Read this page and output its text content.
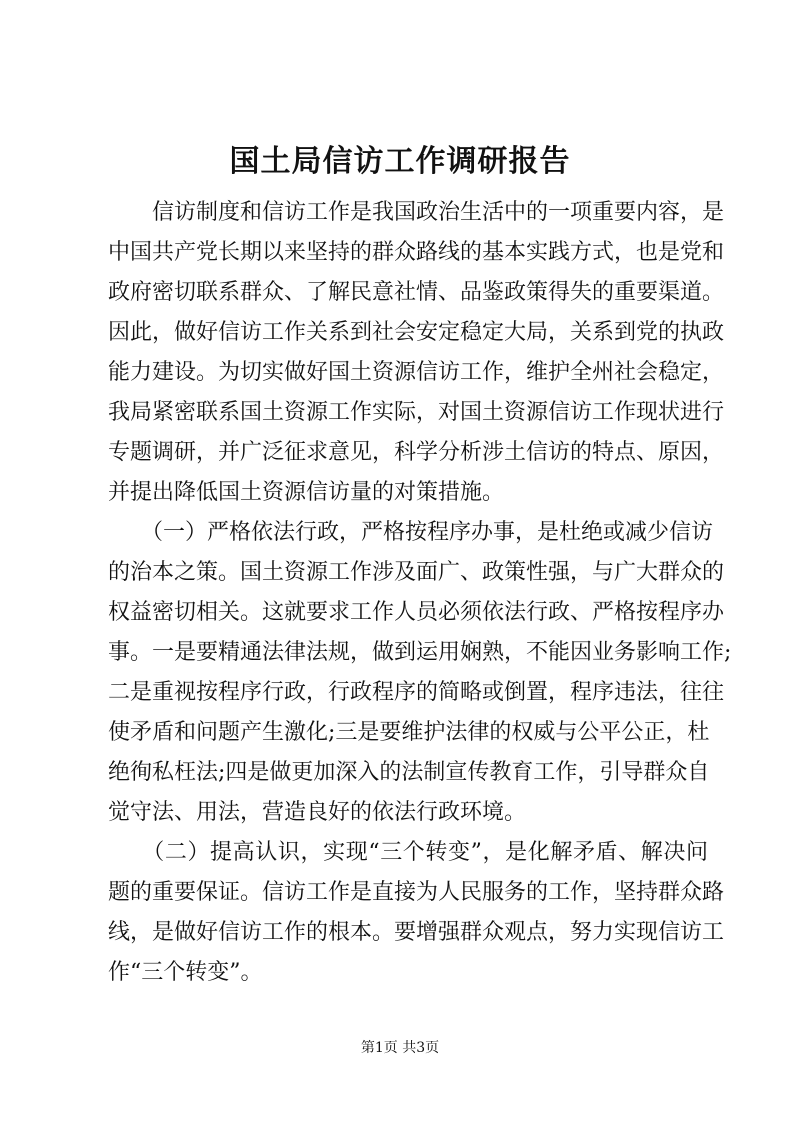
国土局信访工作调研报告
　　信访制度和信访工作是我国政治生活中的一项重要内容，是
中国共产党长期以来坚持的群众路线的基本实践方式，也是党和
政府密切联系群众、了解民意社情、品鉴政策得失的重要渠道。
因此，做好信访工作关系到社会安定稳定大局，关系到党的执政
能力建设。为切实做好国土资源信访工作，维护全州社会稳定，
我局紧密联系国土资源工作实际，对国土资源信访工作现状进行
专题调研，并广泛征求意见，科学分析涉土信访的特点、原因，
并提出降低国土资源信访量的对策措施。
　　（一）严格依法行政，严格按程序办事，是杜绝或减少信访
的治本之策。国土资源工作涉及面广、政策性强，与广大群众的
权益密切相关。这就要求工作人员必须依法行政、严格按程序办
事。一是要精通法律法规，做到运用娴熟，不能因业务影响工作;
二是重视按程序行政，行政程序的简略或倒置，程序违法，往往
使矛盾和问题产生激化;三是要维护法律的权威与公平公正，杜
绝徇私枉法;四是做更加深入的法制宣传教育工作，引导群众自
觉守法、用法，营造良好的依法行政环境。
　　（二）提高认识，实现“三个转变”，是化解矛盾、解决问
题的重要保证。信访工作是直接为人民服务的工作，坚持群众路
线，是做好信访工作的根本。要增强群众观点，努力实现信访工
作“三个转变”。
第1页 共3页
